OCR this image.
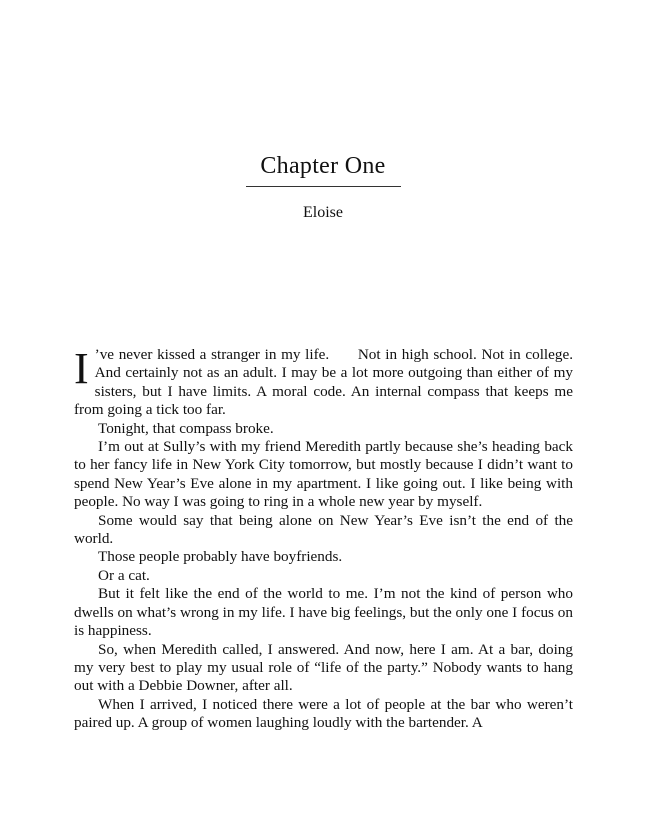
Chapter One
Eloise

I ’ve never kissed a stranger in my life. Not in high school. Not in college. And certainly not as an adult. I may be a lot more outgoing than either of my sisters, but I have limits. A moral code. An internal compass that keeps me from going a tick too far.

Tonight, that compass broke.

I’m out at Sully’s with my friend Meredith partly because she’s heading back to her fancy life in New York City tomorrow, but mostly because I didn’t want to spend New Year’s Eve alone in my apartment. I like going out. I like being with people. No way I was going to ring in a whole new year by myself.

Some would say that being alone on New Year’s Eve isn’t the end of the world.

Those people probably have boyfriends.

Or a cat.

But it felt like the end of the world to me. I’m not the kind of person who dwells on what’s wrong in my life. I have big feelings, but the only one I focus on is happiness.

So, when Meredith called, I answered. And now, here I am. At a bar, doing my very best to play my usual role of “life of the party.” Nobody wants to hang out with a Debbie Downer, after all.

When I arrived, I noticed there were a lot of people at the bar who weren’t paired up. A group of women laughing loudly with the bartender. A
